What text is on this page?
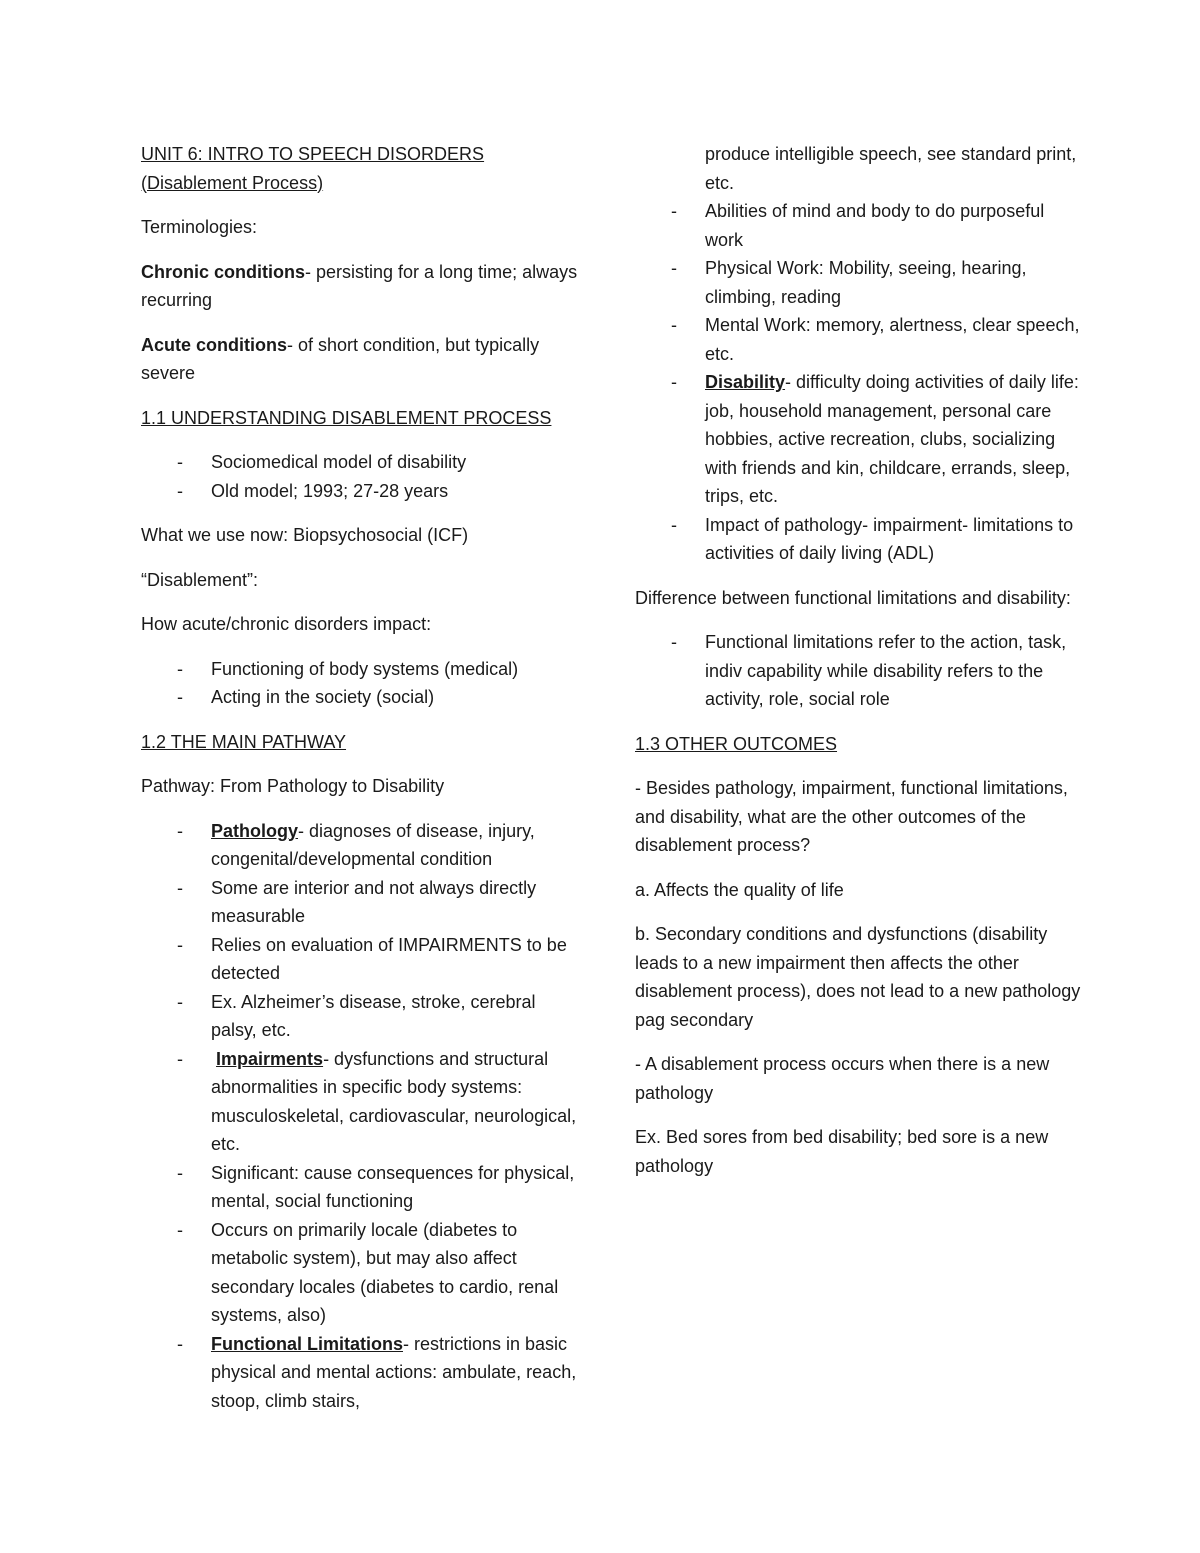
UNIT 6: INTRO TO SPEECH DISORDERS

(Disablement Process)

Terminologies:

Chronic conditions- persisting for a long time; always recurring

Acute conditions- of short condition, but typically severe

1.1 UNDERSTANDING DISABLEMENT PROCESS

- Sociomedical model of disability
- Old model; 1993; 27-28 years

What we use now: Biopsychosocial (ICF)

“Disablement”:

How acute/chronic disorders impact:

- Functioning of body systems (medical)
- Acting in the society (social)

1.2 THE MAIN PATHWAY

Pathway: From Pathology to Disability

- Pathology- diagnoses of disease, injury, congenital/developmental condition
- Some are interior and not always directly measurable
- Relies on evaluation of IMPAIRMENTS to be detected
- Ex. Alzheimer’s disease, stroke, cerebral palsy, etc.
- Impairments- dysfunctions and structural abnormalities in specific body systems: musculoskeletal, cardiovascular, neurological, etc.
- Significant: cause consequences for physical, mental, social functioning
- Occurs on primarily locale (diabetes to metabolic system), but may also affect secondary locales (diabetes to cardio, renal systems, also)
- Functional Limitations- restrictions in basic physical and mental actions: ambulate, reach, stoop, climb stairs,
produce intelligible speech, see standard print, etc.
- Abilities of mind and body to do purposeful work
- Physical Work: Mobility, seeing, hearing, climbing, reading
- Mental Work: memory, alertness, clear speech, etc.
- Disability- difficulty doing activities of daily life: job, household management, personal care hobbies, active recreation, clubs, socializing with friends and kin, childcare, errands, sleep, trips, etc.
- Impact of pathology- impairment- limitations to activities of daily living (ADL)

Difference between functional limitations and disability:

- Functional limitations refer to the action, task, indiv capability while disability refers to the activity, role, social role

1.3 OTHER OUTCOMES

- Besides pathology, impairment, functional limitations, and disability, what are the other outcomes of the disablement process?

a. Affects the quality of life

b. Secondary conditions and dysfunctions (disability leads to a new impairment then affects the other disablement process), does not lead to a new pathology pag secondary

- A disablement process occurs when there is a new pathology

Ex. Bed sores from bed disability; bed sore is a new pathology
